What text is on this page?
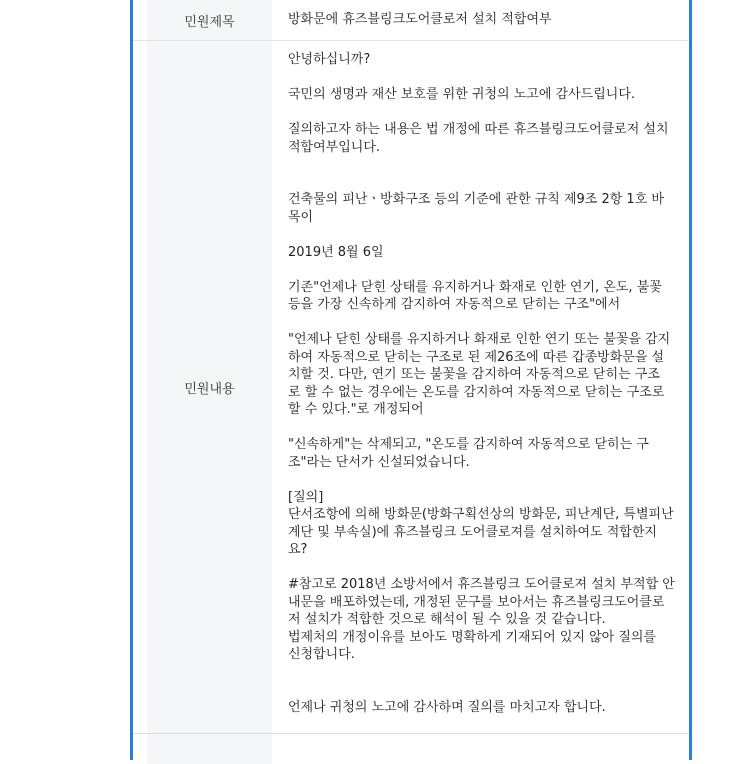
민원제목	방화문에 휴즈블링크도어클로저 설치 적합여부
민원내용

안녕하십니까?

국민의 생명과 재산 보호를 위한 귀청의 노고에 감사드립니다.

질의하고자 하는 내용은 법 개정에 따른 휴즈블링크도어클로저 설치
적합여부입니다.

건축물의 피난ㆍ방화구조 등의 기준에 관한 규칙 제9조 2항 1호 바
목이

2019년 8월 6일

기존"언제나 닫힌 상태를 유지하거나 화재로 인한 연기, 온도, 불꽃
등을 가장 신속하게 감지하여 자동적으로 닫히는 구조"에서

"언제나 닫힌 상태를 유지하거나 화재로 인한 연기 또는 불꽃을 감지
하여 자동적으로 닫히는 구조로 된 제26조에 따른 갑종방화문을 설
치할 것. 다만, 연기 또는 불꽃을 감지하여 자동적으로 닫히는 구조
로 할 수 없는 경우에는 온도를 감지하여 자동적으로 닫히는 구조로
할 수 있다."로 개정되어

"신속하게"는 삭제되고, "온도를 감지하여 자동적으로 닫히는 구
조"라는 단서가 신설되었습니다.

[질의]

단서조항에 의해 방화문(방화구획선상의 방화문, 피난계단, 특별피난
계단 및 부속실)에 휴즈블링크 도어클로져를 설치하여도 적합한지
요?

#참고로 2018년 소방서에서 휴즈블링크 도어클로져 설치 부적합 안
내문을 배포하였는데, 개정된 문구를 보아서는 휴즈블링크도어클로
저 설치가 적합한 것으로 해석이 될 수 있을 것 같습니다.
법제처의 개정이유를 보아도 명확하게 기재되어 있지 않아 질의를
신청합니다.

언제나 귀청의 노고에 감사하며 질의를 마치고자 합니다.
